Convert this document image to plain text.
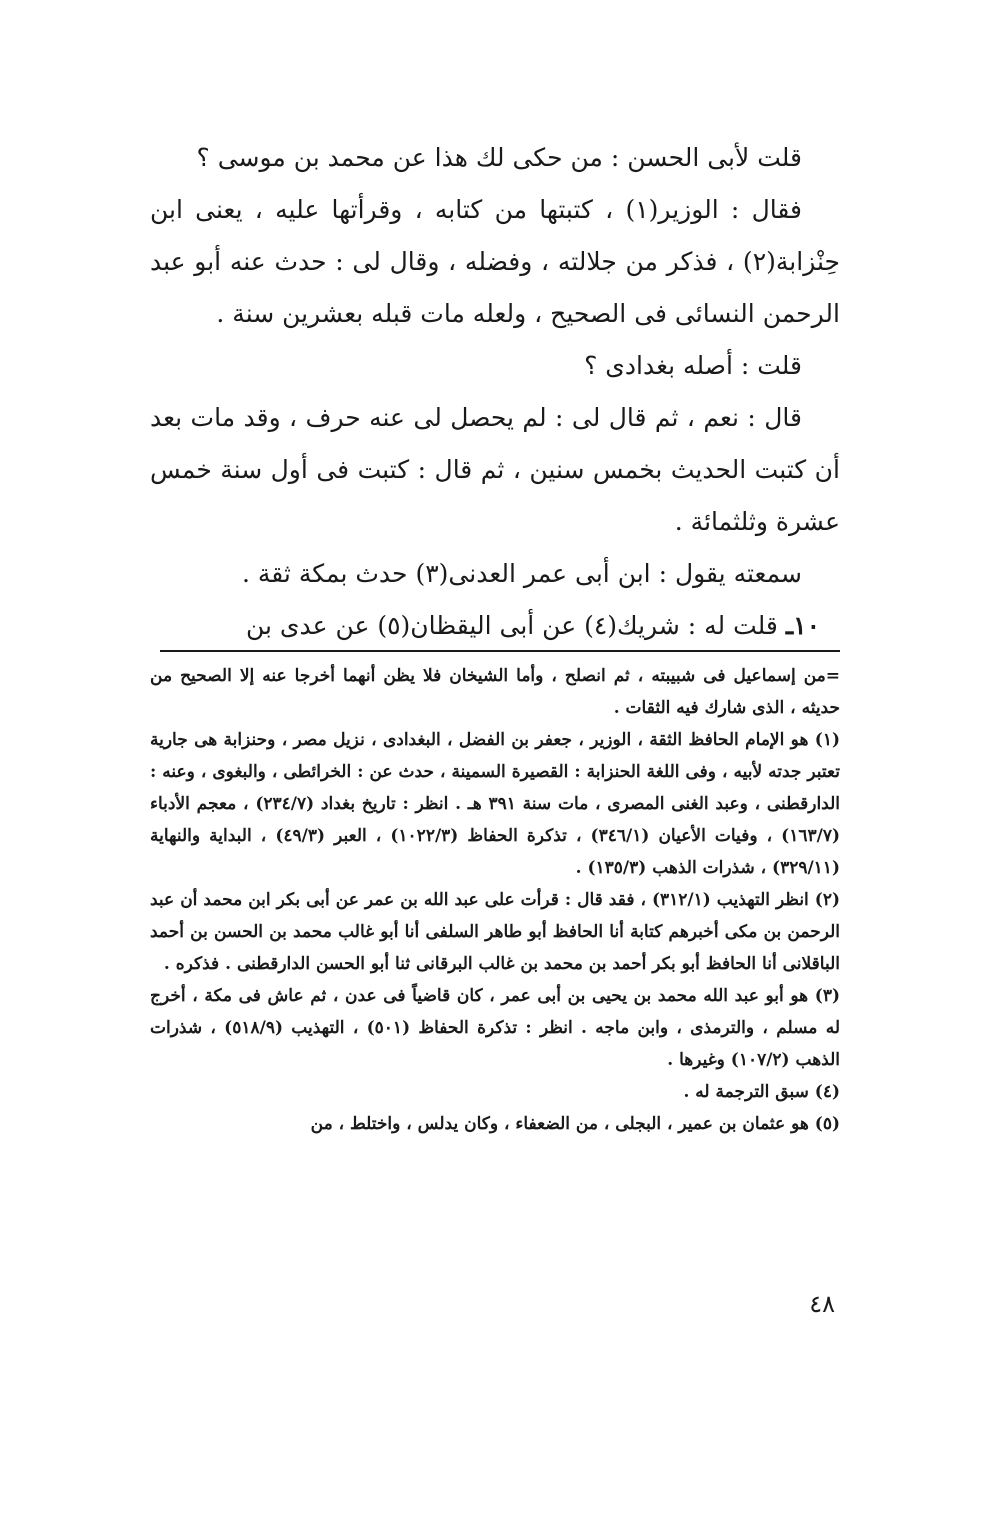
قلت لأبى الحسن : من حكى لك هذا عن محمد بن موسى ؟

فقال : الوزير(١) ، كتبتها من كتابه ، وقرأتها عليه ، يعنى ابن حِنْزابة(٢) ، فذكر من جلالته ، وفضله ، وقال لى : حدث عنه أبو عبد الرحمن النسائى فى الصحيح ، ولعله مات قبله بعشرين سنة .

قلت : أصله بغدادى ؟

قال : نعم ، ثم قال لى : لم يحصل لى عنه حرف ، وقد مات بعد أن كتبت الحديث بخمس سنين ، ثم قال : كتبت فى أول سنة خمس عشرة وثلثمائة .

سمعته يقول : ابن أبى عمر العدنى(٣) حدث بمكة ثقة .

١٠ـ قلت له : شريك(٤) عن أبى اليقظان(٥) عن عدى بن

=من إسماعيل فى شبيبته ، ثم انصلح ، وأما الشيخان فلا يظن أنهما أخرجا عنه إلا الصحيح من حديثه ، الذى شارك فيه الثقات .

(١) هو الإمام الحافظ الثقة ، الوزير ، جعفر بن الفضل ، البغدادى ، نزيل مصر ، وحنزابة هى جارية تعتبر جدته لأبيه ، وفى اللغة الحنزابة : القصيرة السمينة ، حدث عن : الخرائطى ، والبغوى ، وعنه : الدارقطنى ، وعبد الغنى المصرى ، مات سنة ٣٩١ هـ . انظر : تاريخ بغداد (٢٣٤/٧) ، معجم الأدباء (١٦٣/٧) ، وفيات الأعيان (٣٤٦/١) ، تذكرة الحفاظ (١٠٢٢/٣) ، العبر (٤٩/٣) ، البداية والنهاية (٣٢٩/١١) ، شذرات الذهب (١٣٥/٣) .

(٢) انظر التهذيب (٣١٢/١) ، فقد قال : قرأت على عبد الله بن عمر عن أبى بكر ابن محمد أن عبد الرحمن بن مكى أخبرهم كتابة أنا الحافظ أبو طاهر السلفى أنا أبو غالب محمد بن الحسن بن أحمد الباقلانى أنا الحافظ أبو بكر أحمد بن محمد بن غالب البرقانى ثنا أبو الحسن الدارقطنى . فذكره .

(٣) هو أبو عبد الله محمد بن يحيى بن أبى عمر ، كان قاضياً فى عدن ، ثم عاش فى مكة ، أخرج له مسلم ، والترمذى ، وابن ماجه . انظر : تذكرة الحفاظ (٥٠١) ، التهذيب (٥١٨/٩) ، شذرات الذهب (١٠٧/٢) وغيرها .

(٤) سبق الترجمة له .

(٥) هو عثمان بن عمير ، البجلى ، من الضعفاء ، وكان يدلس ، واختلط ، من

٤٨
